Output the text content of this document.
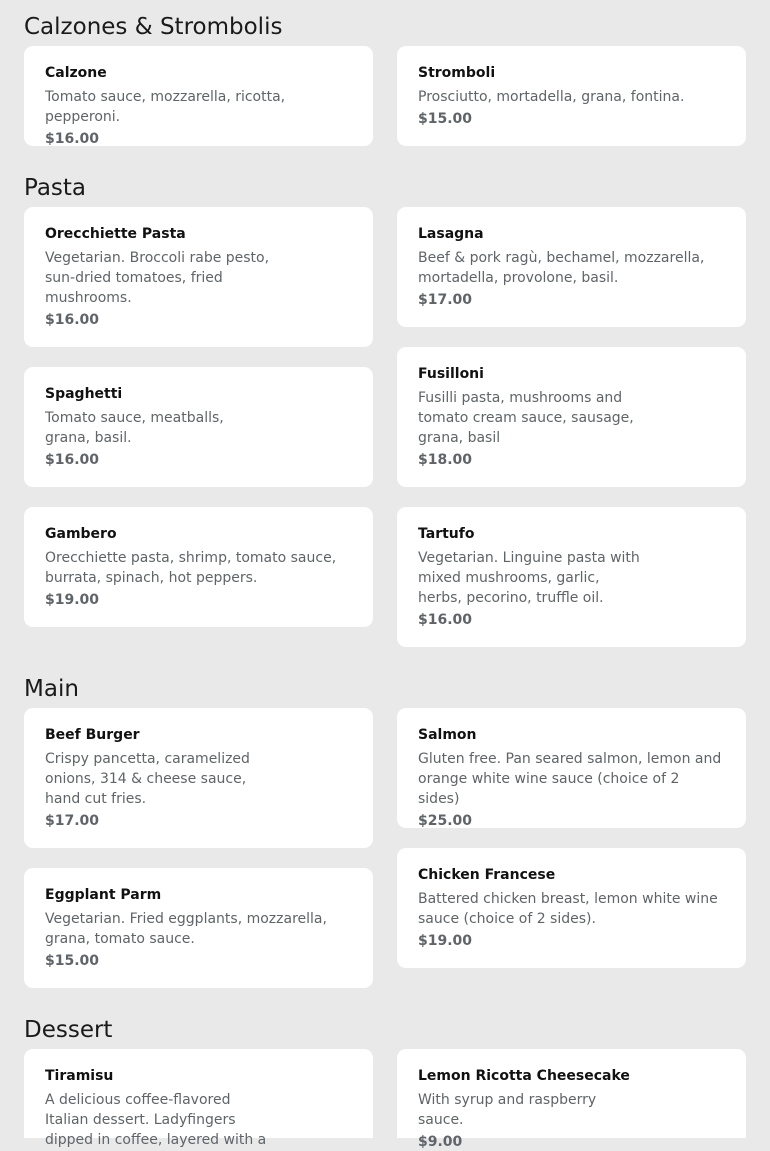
Calzones & Strombolis
Pasta
Main
Dessert
Calzone
Tomato sauce, mozzarella, ricotta, pepperoni.
$16.00
Stromboli
Prosciutto, mortadella, grana, fontina.
$15.00
Orecchiette Pasta
Vegetarian. Broccoli rabe pesto,
sun-dried tomatoes, fried
mushrooms.
$16.00
Lasagna
Beef & pork ragù, bechamel, mozzarella,
mortadella, provolone, basil.
$17.00
Spaghetti
Tomato sauce, meatballs,
grana, basil.
$16.00
Fusilloni
Fusilli pasta, mushrooms and
tomato cream sauce, sausage,
grana, basil
$18.00
Gambero
Orecchiette pasta, shrimp, tomato sauce,
burrata, spinach, hot peppers.
$19.00
Tartufo
Vegetarian. Linguine pasta with
mixed mushrooms, garlic,
herbs, pecorino, truffle oil.
$16.00
Beef Burger
Crispy pancetta, caramelized
onions, 314 & cheese sauce,
hand cut fries.
$17.00
Salmon
Gluten free. Pan seared salmon, lemon and
orange white wine sauce (choice of 2 sides)
$25.00
Eggplant Parm
Vegetarian. Fried eggplants, mozzarella,
grana, tomato sauce.
$15.00
Chicken Francese
Battered chicken breast, lemon white wine
sauce (choice of 2 sides).
$19.00
Tiramisu
A delicious coffee-flavored
Italian dessert. Ladyfingers
dipped in coffee, layered with a
Lemon Ricotta Cheesecake
With syrup and raspberry
sauce.
$9.00
